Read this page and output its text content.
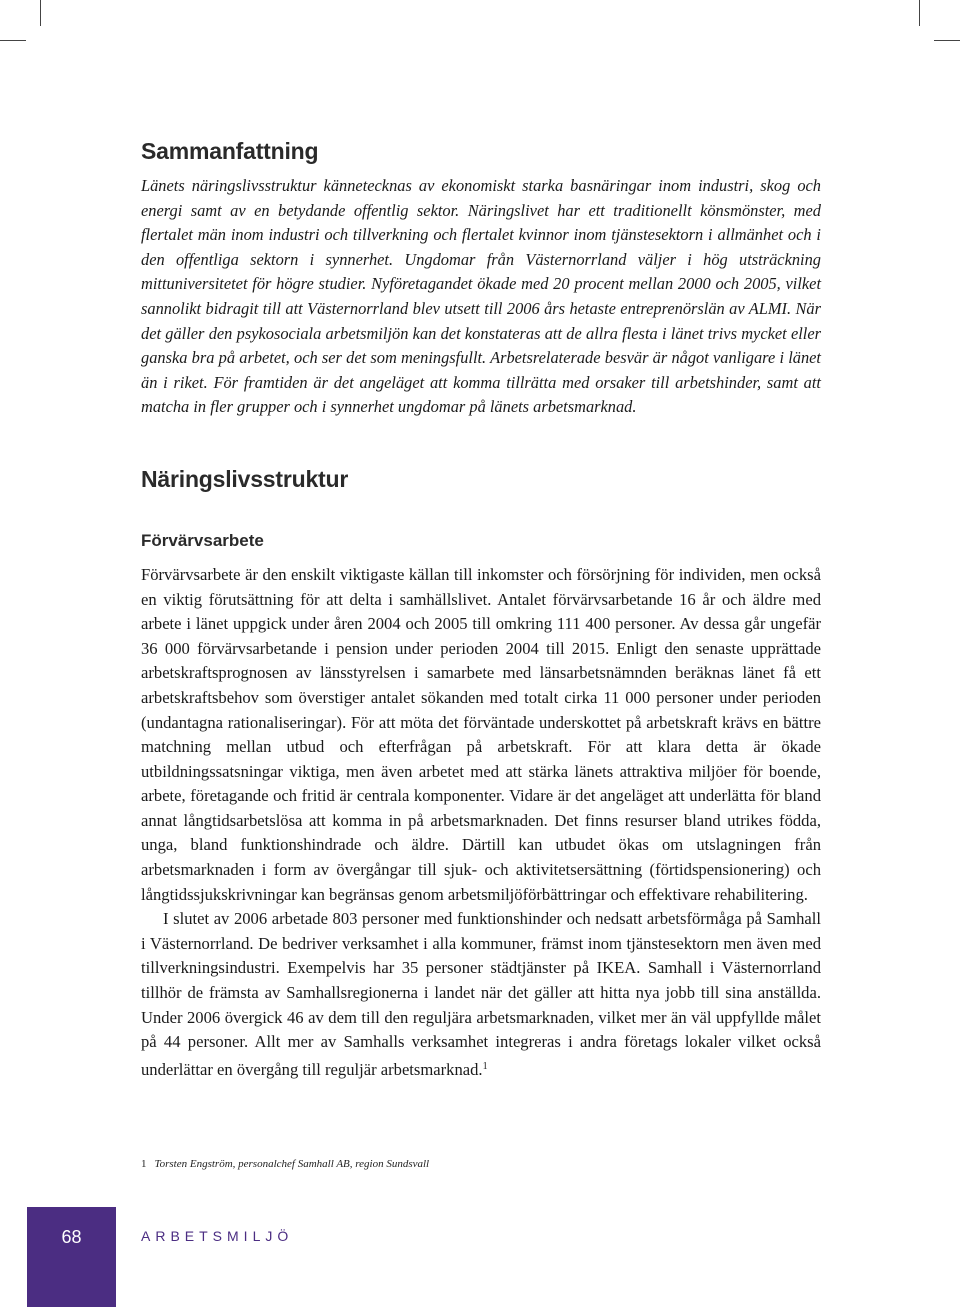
Sammanfattning

Länets näringslivsstruktur kännetecknas av ekonomiskt starka basnäringar inom industri, skog och energi samt av en betydande offentlig sektor. Näringslivet har ett traditionellt könsmönster, med flertalet män inom industri och tillverkning och flertalet kvinnor inom tjänstesektorn i allmänhet och i den offentliga sektorn i synnerhet. Ungdomar från Västernorrland väljer i hög utsträckning mittuniversitetet för högre studier. Nyföretagandet ökade med 20 procent mellan 2000 och 2005, vilket sannolikt bidragit till att Västernorrland blev utsett till 2006 års hetaste entreprenörslän av ALMI. När det gäller den psykosociala arbetsmiljön kan det konstateras att de allra flesta i länet trivs mycket eller ganska bra på arbetet, och ser det som meningsfullt. Arbetsrelaterade besvär är något vanligare i länet än i riket. För framtiden är det angeläget att komma tillrätta med orsaker till arbetshinder, samt att matcha in fler grupper och i synnerhet ungdomar på länets arbetsmarknad.

Näringslivsstruktur
Förvärvsarbete

Förvärvsarbete är den enskilt viktigaste källan till inkomster och försörjning för individen, men också en viktig förutsättning för att delta i samhällslivet. Antalet förvärvsarbetande 16 år och äldre med arbete i länet uppgick under åren 2004 och 2005 till omkring 111 400 personer. Av dessa går ungefär 36 000 förvärvsarbetande i pension under perioden 2004 till 2015. Enligt den senaste upprättade arbetskraftsprognosen av länsstyrelsen i samarbete med länsarbetsnämnden beräknas länet få ett arbetskraftsbehov som överstiger antalet sökanden med totalt cirka 11 000 personer under perioden (undantagna rationaliseringar). För att möta det förväntade underskottet på arbetskraft krävs en bättre matchning mellan utbud och efterfrågan på arbetskraft. För att klara detta är ökade utbildningssatsningar viktiga, men även arbetet med att stärka länets attraktiva miljöer för boende, arbete, företagande och fritid är centrala komponenter. Vidare är det angeläget att underlätta för bland annat långtidsarbetslösa att komma in på arbetsmarknaden. Det finns resurser bland utrikes födda, unga, bland funktionshindrade och äldre. Därtill kan utbudet ökas om utslagningen från arbetsmarknaden i form av övergångar till sjuk- och aktivitetsersättning (förtidspensionering) och långtidssjukskrivningar kan begränsas genom arbetsmiljöförbättringar och effektivare rehabilitering.

I slutet av 2006 arbetade 803 personer med funktionshinder och nedsatt arbetsförmåga på Samhall i Västernorrland. De bedriver verksamhet i alla kommuner, främst inom tjänstesektorn men även med tillverkningsindustri. Exempelvis har 35 personer städtjänster på IKEA. Samhall i Västernorrland tillhör de främsta av Samhallsregionerna i landet när det gäller att hitta nya jobb till sina anställda. Under 2006 övergick 46 av dem till den reguljära arbetsmarknaden, vilket mer än väl uppfyllde målet på 44 personer. Allt mer av Samhalls verksamhet integreras i andra företags lokaler vilket också underlättar en övergång till reguljär arbetsmarknad.$^1$

1 Torsten Engström, personalchef Samhall AB, region Sundsvall
68	ARBETSMILJÖ
